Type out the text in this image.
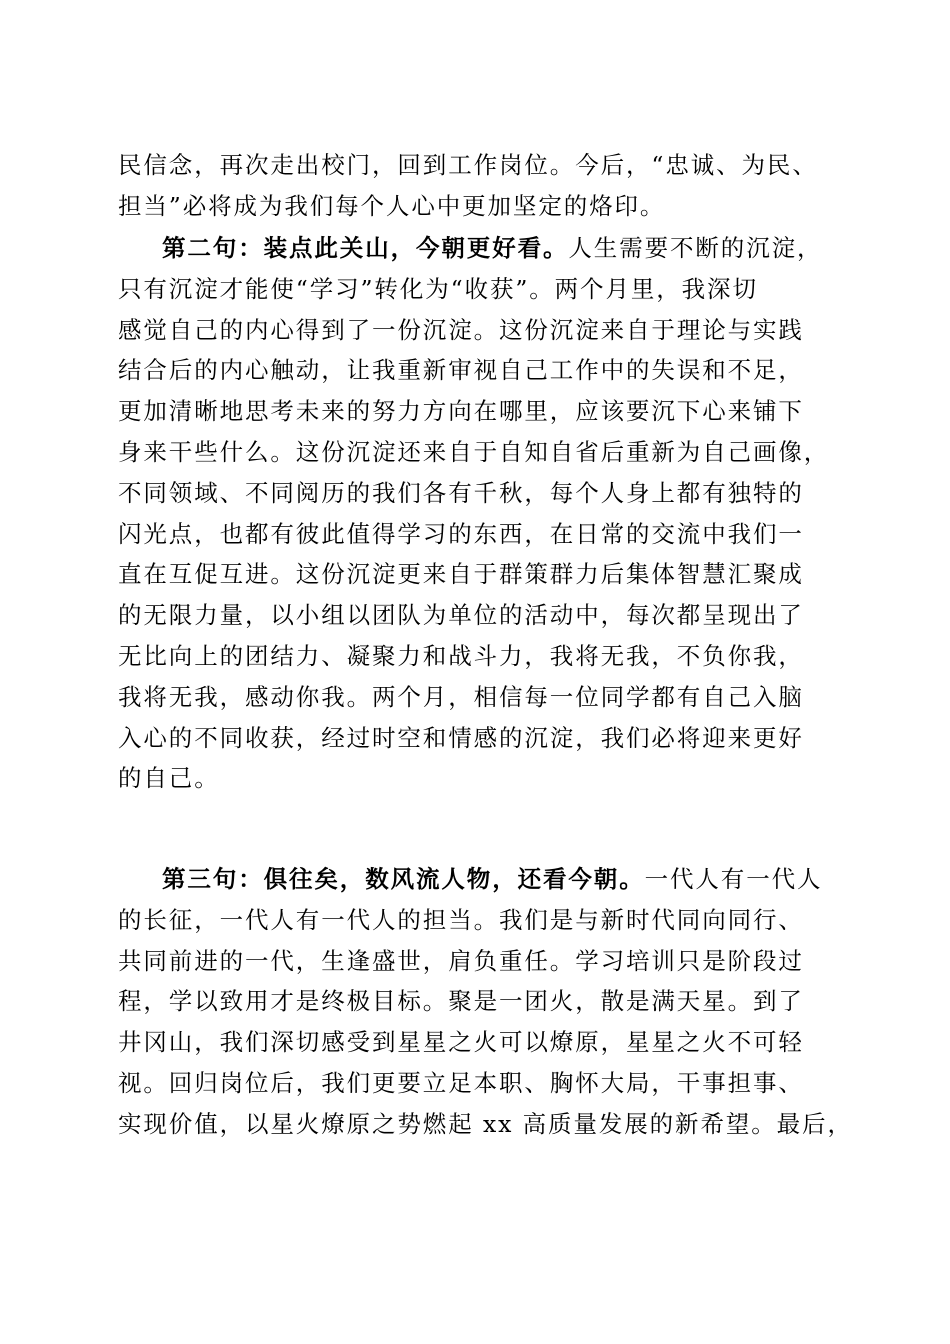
民信念，再次走出校门，回到工作岗位。今后，“忠诚、为民、
担当”必将成为我们每个人心中更加坚定的烙印。
第二句：装点此关山，今朝更好看。人生需要不断的沉淀，
只有沉淀才能使“学习”转化为“收获”。两个月里，我深切
感觉自己的内心得到了一份沉淀。这份沉淀来自于理论与实践
结合后的内心触动，让我重新审视自己工作中的失误和不足，
更加清晰地思考未来的努力方向在哪里，应该要沉下心来铺下
身来干些什么。这份沉淀还来自于自知自省后重新为自己画像，
不同领域、不同阅历的我们各有千秋，每个人身上都有独特的
闪光点，也都有彼此值得学习的东西，在日常的交流中我们一
直在互促互进。这份沉淀更来自于群策群力后集体智慧汇聚成
的无限力量，以小组以团队为单位的活动中，每次都呈现出了
无比向上的团结力、凝聚力和战斗力，我将无我，不负你我，
我将无我，感动你我。两个月，相信每一位同学都有自己入脑
入心的不同收获，经过时空和情感的沉淀，我们必将迎来更好
的自己。
第三句：俱往矣，数风流人物，还看今朝。一代人有一代人
的长征，一代人有一代人的担当。我们是与新时代同向同行、
共同前进的一代，生逢盛世，肩负重任。学习培训只是阶段过
程，学以致用才是终极目标。聚是一团火，散是满天星。到了
井冈山，我们深切感受到星星之火可以燎原，星星之火不可轻
视。回归岗位后，我们更要立足本职、胸怀大局，干事担事、
实现价值，以星火燎原之势燃起 xx 高质量发展的新希望。最后，
